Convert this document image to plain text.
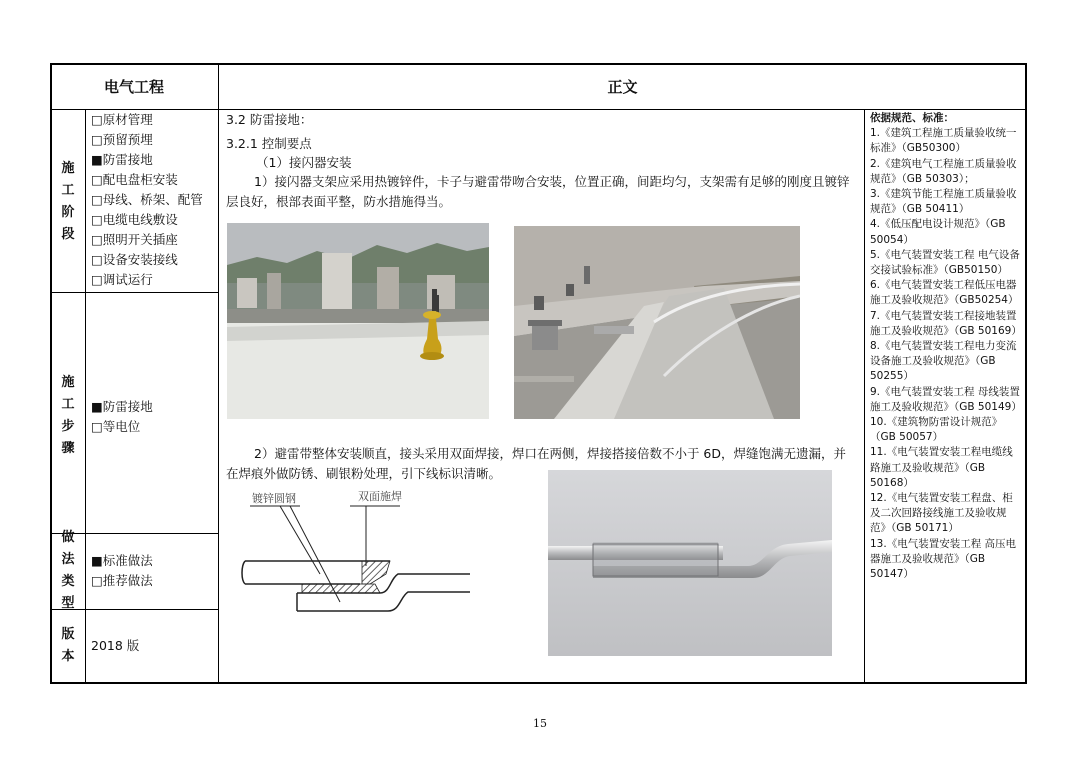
电气工程	正文
施工阶段
施工步骤
做法类型
版本
□原材管理
□预留预埋
■防雷接地
□配电盘柜安装
□母线、桥架、配管
□电缆电线敷设
□照明开关插座
□设备安装接线
□调试运行
■防雷接地
□等电位
■标准做法
□推荐做法
2018 版
3.2 防雷接地：
3.2.1 控制要点
（1）接闪器安装
1）接闪器支架应采用热镀锌件，卡子与避雷带吻合安装，位置正确，间距均匀，支架需有足够的刚度且镀锌层良好，根部表面平整，防水措施得当。
2）避雷带整体安装顺直，接头采用双面焊接，焊口在两侧，焊接搭接倍数不小于 6D，焊缝饱满无遗漏，并在焊痕外做防锈、刷银粉处理，引下线标识清晰。
镀锌圆钢	双面施焊
依据规范、标准：
1.《建筑工程施工质量验收统一标准》（GB50300）
2.《建筑电气工程施工质量验收规范》（GB 50303）；
3.《建筑节能工程施工质量验收规范》（GB 50411）
4.《低压配电设计规范》（GB 50054）
5.《电气装置安装工程 电气设备交接试验标准》（GB50150）
6.《电气装置安装工程低压电器施工及验收规范》（GB50254）
7.《电气装置安装工程接地装置施工及验收规范》（GB 50169）
8.《电气装置安装工程电力变流设备施工及验收规范》（GB 50255）
9.《电气装置安装工程 母线装置施工及验收规范》（GB 50149）
10.《建筑物防雷设计规范》（GB 50057）
11.《电气装置安装工程电缆线路施工及验收规范》（GB 50168）
12.《电气装置安装工程盘、柜及二次回路接线施工及验收规范》（GB 50171）
13.《电气装置安装工程 高压电器施工及验收规范》（GB 50147）
15
